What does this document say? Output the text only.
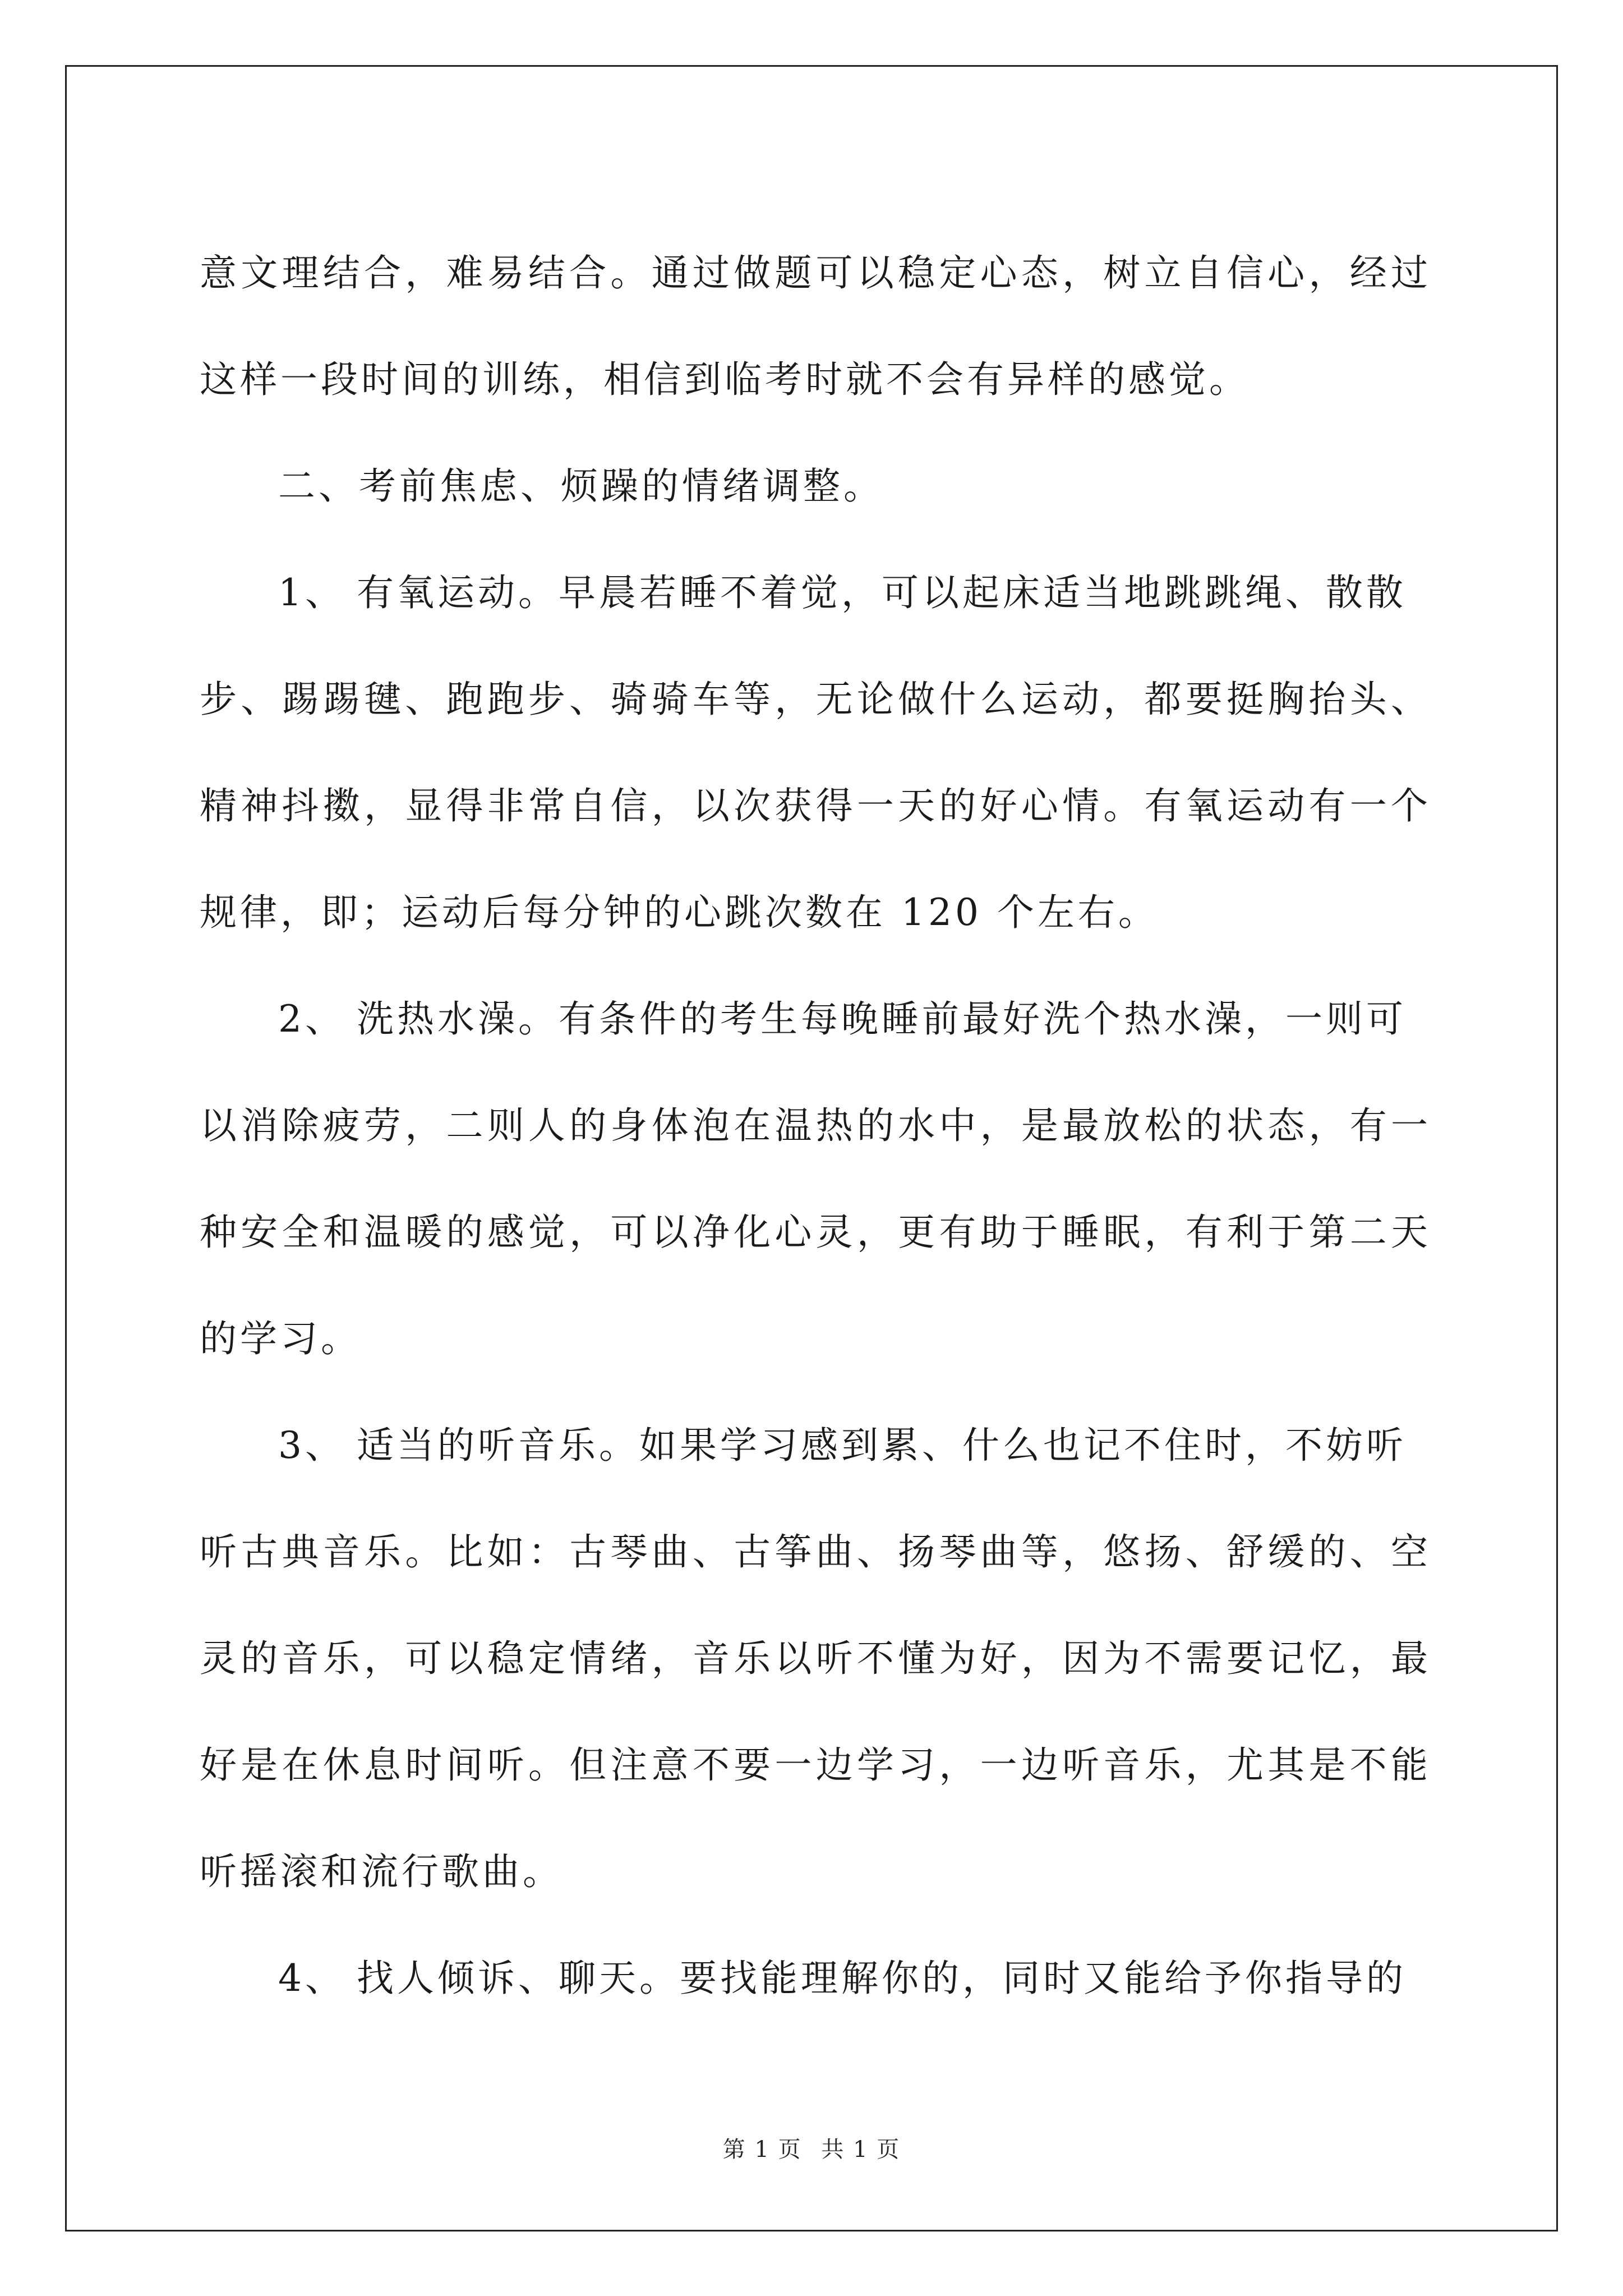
意文理结合，难易结合。通过做题可以稳定心态，树立自信心，经过
这样一段时间的训练，相信到临考时就不会有异样的感觉。
二、考前焦虑、烦躁的情绪调整。
1、 有氧运动。早晨若睡不着觉，可以起床适当地跳跳绳、散散
步、踢踢毽、跑跑步、骑骑车等，无论做什么运动，都要挺胸抬头、
精神抖擞，显得非常自信，以次获得一天的好心情。有氧运动有一个
规律，即；运动后每分钟的心跳次数在 120 个左右。
2、 洗热水澡。有条件的考生每晚睡前最好洗个热水澡，一则可
以消除疲劳，二则人的身体泡在温热的水中，是最放松的状态，有一
种安全和温暖的感觉，可以净化心灵，更有助于睡眠，有利于第二天
的学习。
3、 适当的听音乐。如果学习感到累、什么也记不住时，不妨听
听古典音乐。比如：古琴曲、古筝曲、扬琴曲等，悠扬、舒缓的、空
灵的音乐，可以稳定情绪，音乐以听不懂为好，因为不需要记忆，最
好是在休息时间听。但注意不要一边学习，一边听音乐，尤其是不能
听摇滚和流行歌曲。
4、 找人倾诉、聊天。要找能理解你的，同时又能给予你指导的
第 1 页 共 1 页
